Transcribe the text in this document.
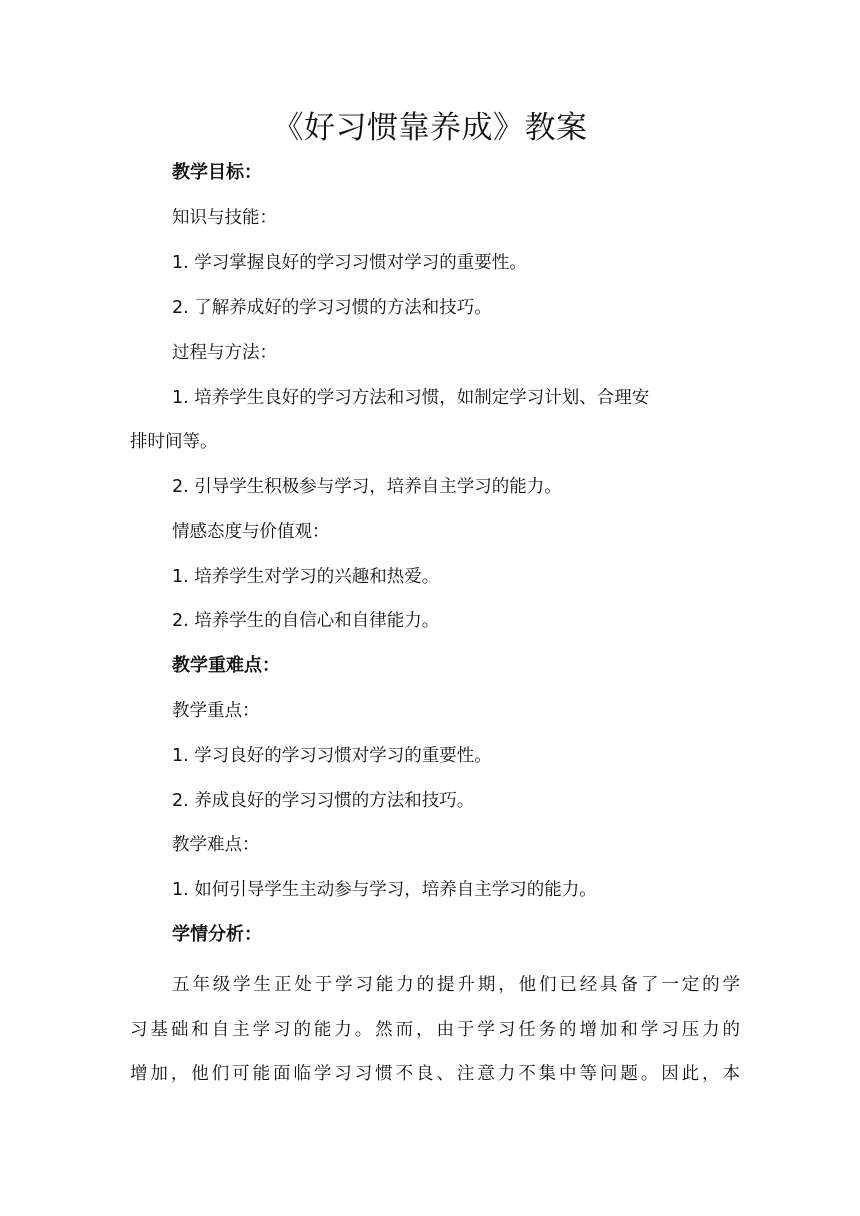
《好习惯靠养成》教案
教学目标：
知识与技能：
1. 学习掌握良好的学习习惯对学习的重要性。
2. 了解养成好的学习习惯的方法和技巧。
过程与方法：
1. 培养学生良好的学习方法和习惯，如制定学习计划、合理安
排时间等。
2. 引导学生积极参与学习，培养自主学习的能力。
情感态度与价值观：
1. 培养学生对学习的兴趣和热爱。
2. 培养学生的自信心和自律能力。
教学重难点：
教学重点：
1. 学习良好的学习习惯对学习的重要性。
2. 养成良好的学习习惯的方法和技巧。
教学难点：
1. 如何引导学生主动参与学习，培养自主学习的能力。
学情分析：
五年级学生正处于学习能力的提升期，他们已经具备了一定的学
习基础和自主学习的能力。然而，由于学习任务的增加和学习压力的
增加，他们可能面临学习习惯不良、注意力不集中等问题。因此，本
